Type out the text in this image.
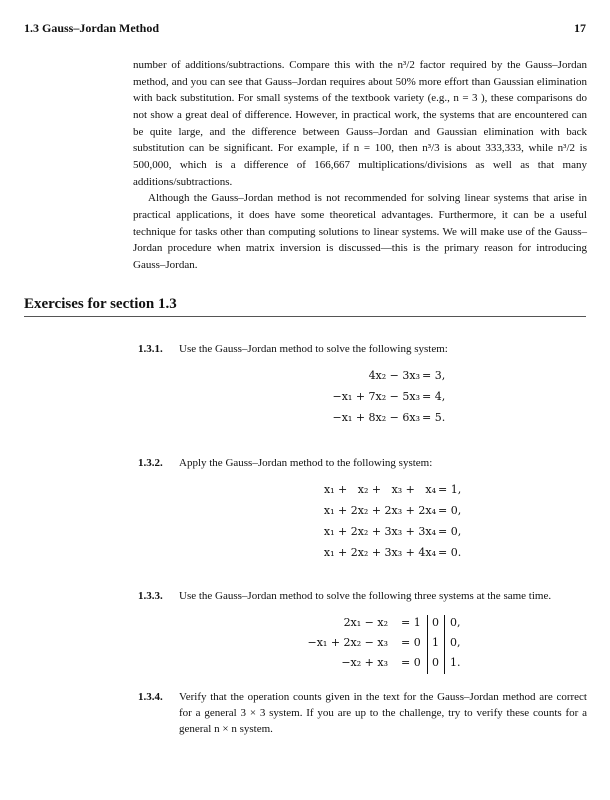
1.3 Gauss–Jordan Method	17

number of additions/subtractions. Compare this with the n³/2 factor required by the Gauss–Jordan method, and you can see that Gauss–Jordan requires about 50% more effort than Gaussian elimination with back substitution. For small systems of the textbook variety (e.g., n = 3 ), these comparisons do not show a great deal of difference. However, in practical work, the systems that are encountered can be quite large, and the difference between Gauss–Jordan and Gaussian elimination with back substitution can be significant. For example, if n = 100, then n³/3 is about 333,333, while n³/2 is 500,000, which is a difference of 166,667 multiplications/divisions as well as that many additions/subtractions.

Although the Gauss–Jordan method is not recommended for solving linear systems that arise in practical applications, it does have some theoretical advantages. Furthermore, it can be a useful technique for tasks other than computing solutions to linear systems. We will make use of the Gauss–Jordan procedure when matrix inversion is discussed—this is the primary reason for introducing Gauss–Jordan.

Exercises for section 1.3
1.3.1. Use the Gauss–Jordan method to solve the following system:
4x₂ − 3x₃ = 3,
−x₁ + 7x₂ − 5x₃ = 4,
−x₁ + 8x₂ − 6x₃ = 5.
1.3.2. Apply the Gauss–Jordan method to the following system:
x₁ +   x₂ +   x₃ +   x₄ = 1,
x₁ + 2x₂ + 2x₃ + 2x₄ = 0,
x₁ + 2x₂ + 3x₃ + 3x₄ = 0,
x₁ + 2x₂ + 3x₃ + 4x₄ = 0.
1.3.3. Use the Gauss–Jordan method to solve the following three systems at the same time.
2x₁ − x₂ = 1 0 0,
−x₁ + 2x₂ − x₃ = 0 1 0,
−x₂ + x₃ = 0 0 1.
1.3.4. Verify that the operation counts given in the text for the Gauss–Jordan method are correct for a general 3 × 3 system. If you are up to the challenge, try to verify these counts for a general n × n system.
